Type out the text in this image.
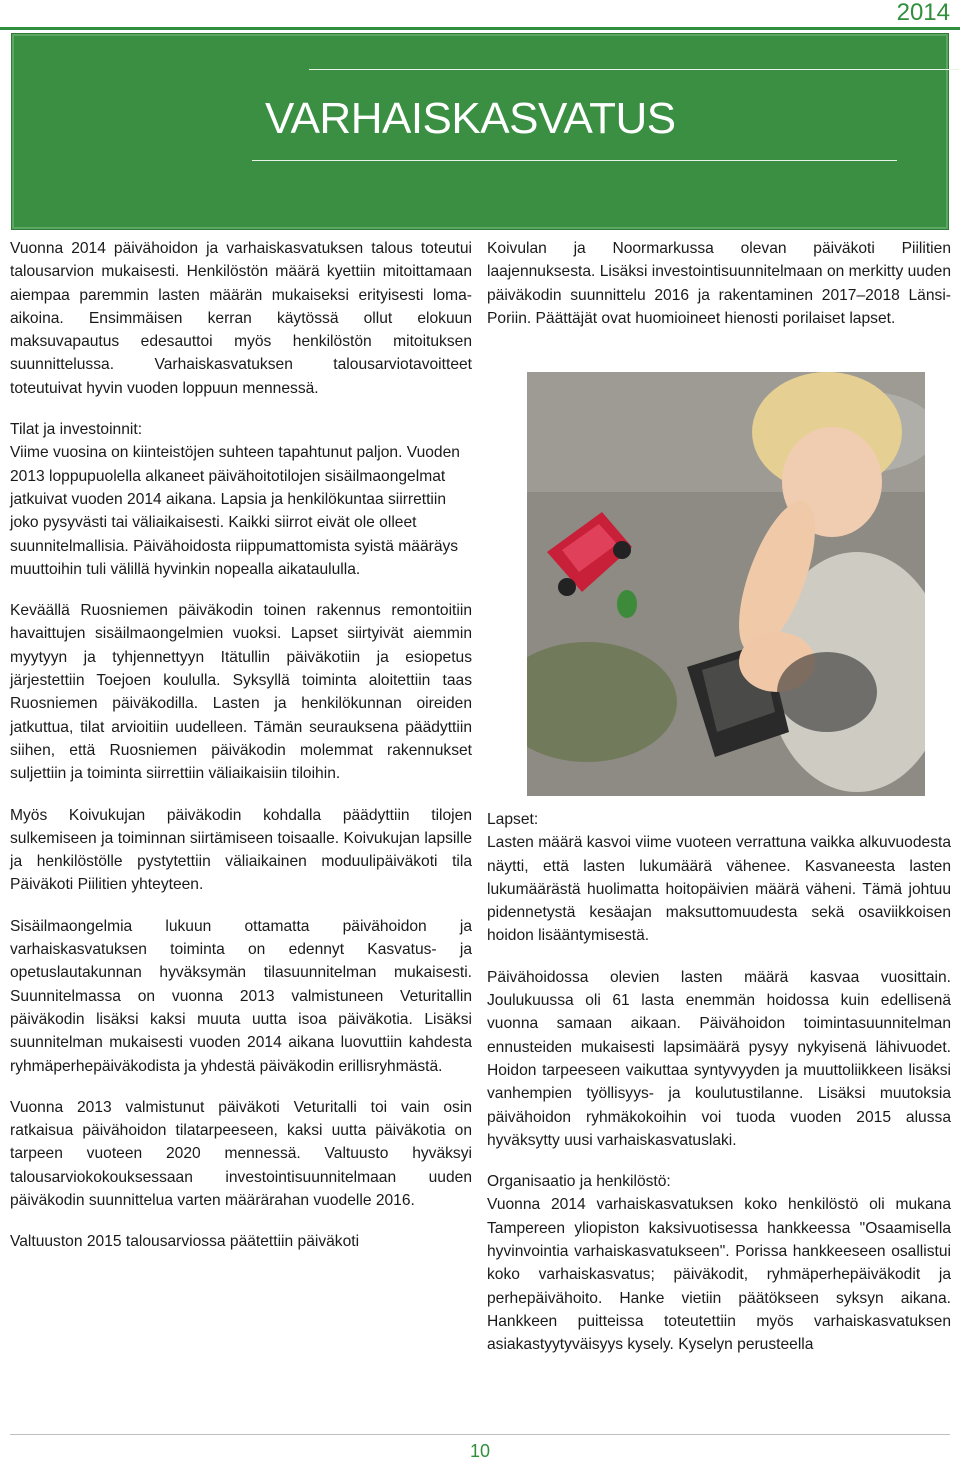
2014
VARHAISKASVATUS

Vuonna 2014 päivähoidon ja varhaiskasvatuksen talous toteutui talousarvion mukaisesti. Henkilöstön määrä kyettiin mitoittamaan aiempaa paremmin lasten määrän mukaiseksi erityisesti loma-aikoina. Ensimmäisen kerran käytössä ollut elokuun maksuvapautus edesauttoi myös henkilöstön mitoituksen suunnittelussa. Varhaiskasvatuksen talousarviotavoitteet toteutuivat hyvin vuoden loppuun mennessä.

Tilat ja investoinnit:

Viime vuosina on kiinteistöjen suhteen tapahtunut paljon. Vuoden 2013 loppupuolella alkaneet päivähoitotilojen sisäilmaongelmat jatkuivat vuoden 2014 aikana. Lapsia ja henkilökuntaa siirrettiin joko pysyvästi tai väliaikaisesti. Kaikki siirrot eivät ole olleet suunnitelmallisia. Päivähoidosta riippumattomista syistä määräys muuttoihin tuli välillä hyvinkin nopealla aikataululla.

Keväällä Ruosniemen päiväkodin toinen rakennus remontoitiin havaittujen sisäilmaongelmien vuoksi. Lapset siirtyivät aiemmin myytyyn ja tyhjennettyyn Itätullin päiväkotiin ja esiopetus järjestettiin Toejoen koululla. Syksyllä toiminta aloitettiin taas Ruosniemen päiväkodilla. Lasten ja henkilökunnan oireiden jatkuttua, tilat arvioitiin uudelleen. Tämän seurauksena päädyttiin siihen, että Ruosniemen päiväkodin molemmat rakennukset suljettiin ja toiminta siirrettiin väliaikaisiin tiloihin.

Myös Koivukujan päiväkodin kohdalla päädyttiin tilojen sulkemiseen ja toiminnan siirtämiseen toisaalle. Koivukujan lapsille ja henkilöstölle pystytettiin väliaikainen moduulipäiväkoti tila Päiväkoti Piilitien yhteyteen.

Sisäilmaongelmia lukuun ottamatta päivähoidon ja varhaiskasvatuksen toiminta on edennyt Kasvatus- ja opetuslautakunnan hyväksymän tilasuunnitelman mukaisesti. Suunnitelmassa on vuonna 2013 valmistuneen Veturitallin päiväkodin lisäksi kaksi muuta uutta isoa päiväkotia. Lisäksi suunnitelman mukaisesti vuoden 2014 aikana luovuttiin kahdesta ryhmäperhepäiväkodista ja yhdestä päiväkodin erillisryhmästä.

Vuonna 2013 valmistunut päiväkoti Veturitalli toi vain osin ratkaisua päivähoidon tilatarpeeseen, kaksi uutta päiväkotia on tarpeen vuoteen 2020 mennessä. Valtuusto hyväksyi talousarviokokouksessaan investointisuunnitelmaan uuden päiväkodin suunnittelua varten määrärahan vuodelle 2016.

Valtuuston 2015 talousarviossa päätettiin päiväkoti

Koivulan ja Noormarkussa olevan päiväkoti Piilitien laajennuksesta. Lisäksi investointisuunnitelmaan on merkitty uuden päiväkodin suunnittelu 2016 ja rakentaminen 2017–2018 Länsi-Poriin. Päättäjät ovat huomioineet hienosti porilaiset lapset.

Lapset:

Lasten määrä kasvoi viime vuoteen verrattuna vaikka alkuvuodesta näytti, että lasten lukumäärä vähenee. Kasvaneesta lasten lukumäärästä huolimatta hoitopäivien määrä väheni. Tämä johtuu pidennetystä kesäajan maksuttomuudesta sekä osaviikkoisen hoidon lisääntymisestä.

Päivähoidossa olevien lasten määrä kasvaa vuosittain. Joulukuussa oli 61 lasta enemmän hoidossa kuin edellisenä vuonna samaan aikaan. Päivähoidon toimintasuunnitelman ennusteiden mukaisesti lapsimäärä pysyy nykyisenä lähivuodet. Hoidon tarpeeseen vaikuttaa syntyvyyden ja muuttoliikkeen lisäksi vanhempien työllisyys- ja koulutustilanne. Lisäksi muutoksia päivähoidon ryhmäkokoihin voi tuoda vuoden 2015 alussa hyväksytty uusi varhaiskasvatuslaki.

Organisaatio ja henkilöstö:

Vuonna 2014 varhaiskasvatuksen koko henkilöstö oli mukana Tampereen yliopiston kaksivuotisessa hankkeessa "Osaamisella hyvinvointia varhaiskasvatukseen". Porissa hankkeeseen osallistui koko varhaiskasvatus; päiväkodit, ryhmäperhepäiväkodit ja perhepäivähoito. Hanke vietiin päätökseen syksyn aikana. Hankkeen puitteissa toteutettiin myös varhaiskasvatuksen asiakastyytyväisyys kysely. Kyselyn perusteella

10
